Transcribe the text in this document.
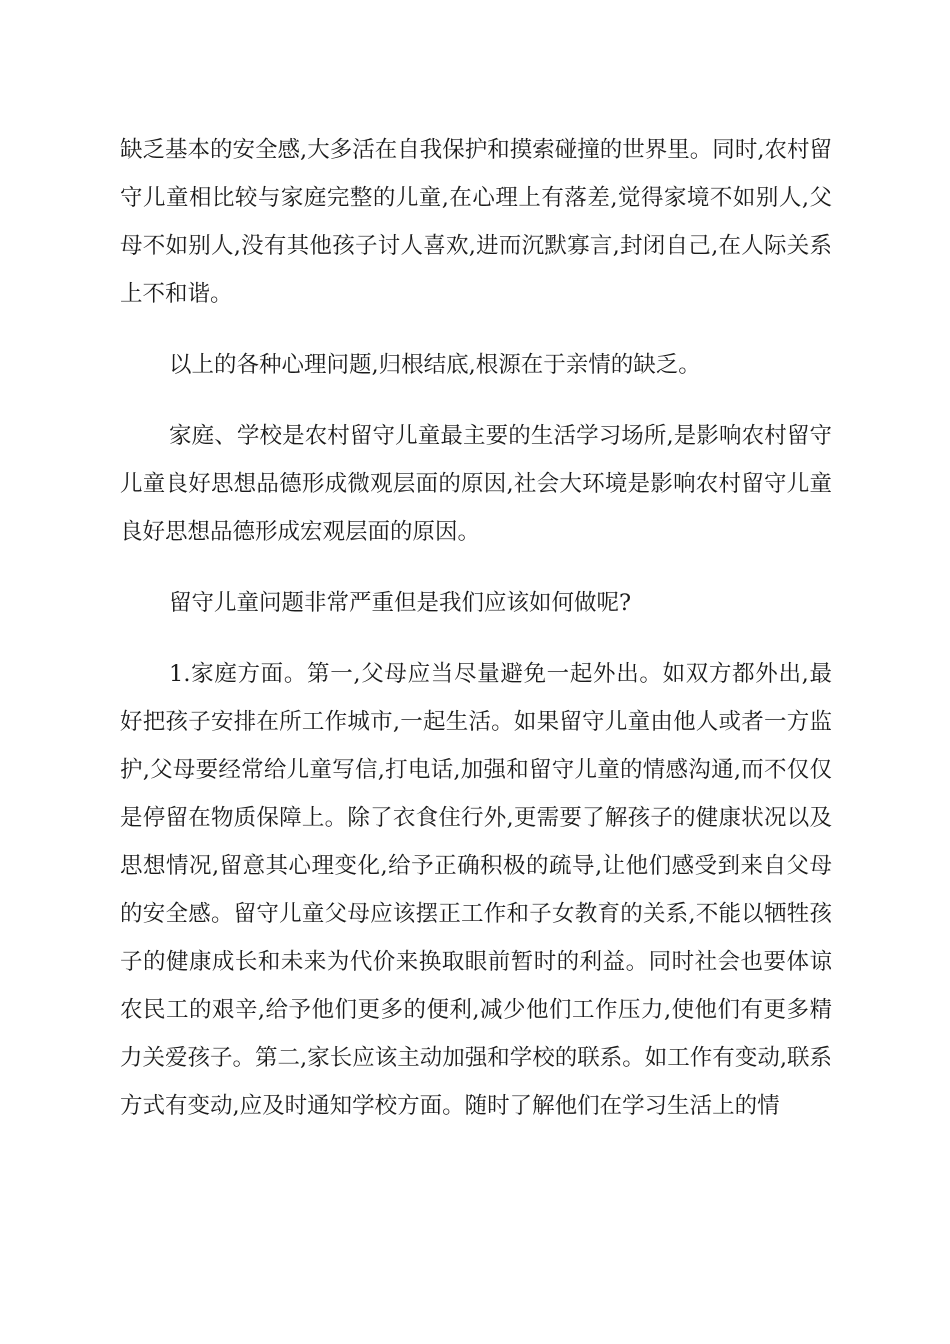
缺乏基本的安全感,大多活在自我保护和摸索碰撞的世界里。同时,农村留守儿童相比较与家庭完整的儿童,在心理上有落差,觉得家境不如别人,父母不如别人,没有其他孩子讨人喜欢,进而沉默寡言,封闭自己,在人际关系上不和谐。

以上的各种心理问题,归根结底,根源在于亲情的缺乏。

家庭、学校是农村留守儿童最主要的生活学习场所,是影响农村留守儿童良好思想品德形成微观层面的原因,社会大环境是影响农村留守儿童良好思想品德形成宏观层面的原因。

留守儿童问题非常严重但是我们应该如何做呢?

1.家庭方面。第一,父母应当尽量避免一起外出。如双方都外出,最好把孩子安排在所工作城市,一起生活。如果留守儿童由他人或者一方监护,父母要经常给儿童写信,打电话,加强和留守儿童的情感沟通,而不仅仅是停留在物质保障上。除了衣食住行外,更需要了解孩子的健康状况以及思想情况,留意其心理变化,给予正确积极的疏导,让他们感受到来自父母的安全感。留守儿童父母应该摆正工作和子女教育的关系,不能以牺牲孩子的健康成长和未来为代价来换取眼前暂时的利益。同时社会也要体谅农民工的艰辛,给予他们更多的便利,减少他们工作压力,使他们有更多精力关爱孩子。第二,家长应该主动加强和学校的联系。如工作有变动,联系方式有变动,应及时通知学校方面。随时了解他们在学习生活上的情
